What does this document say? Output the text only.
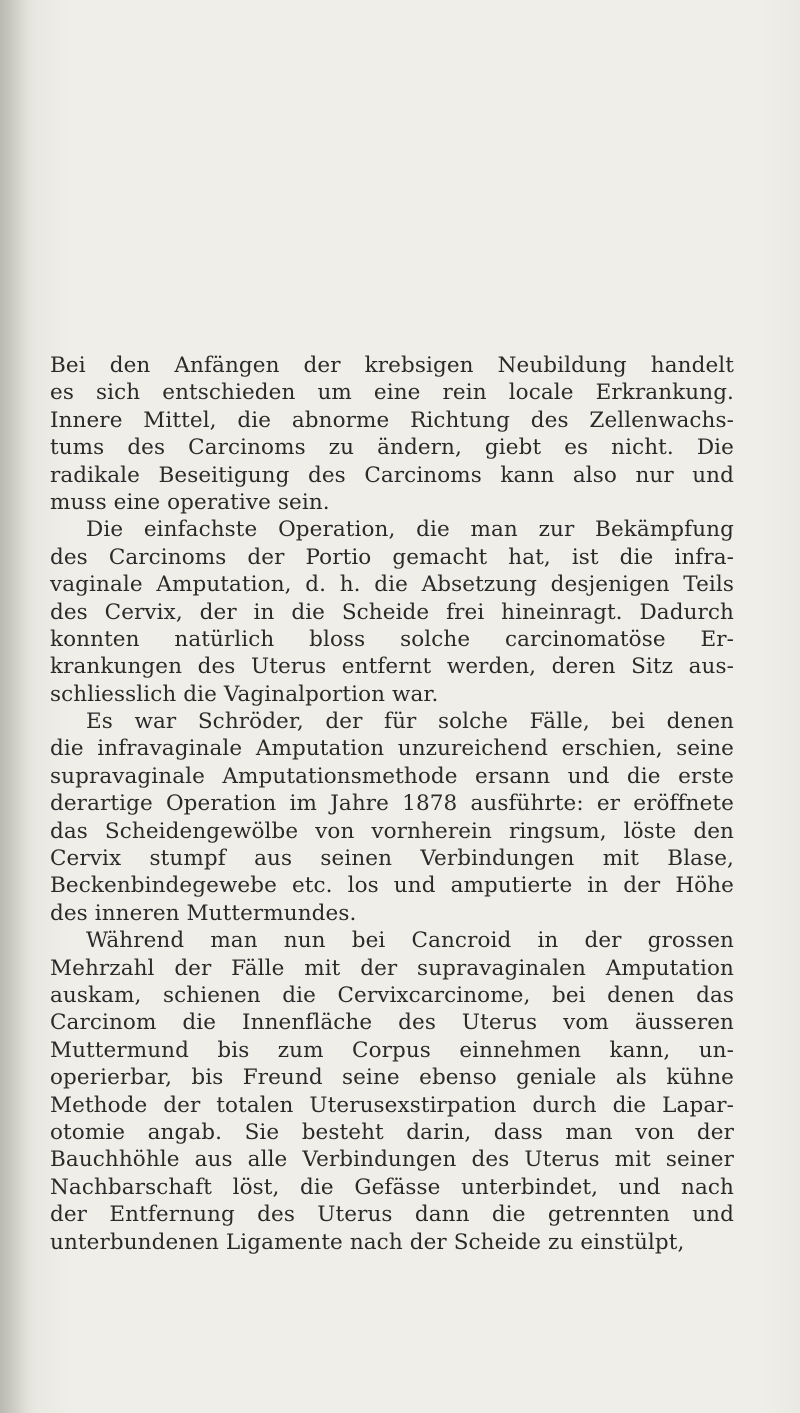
Bei den Anfängen der krebsigen Neubildung handelt
es sich entschieden um eine rein locale Erkrankung.
Innere Mittel, die abnorme Richtung des Zellenwachs-
tums des Carcinoms zu ändern, giebt es nicht. Die
radikale Beseitigung des Carcinoms kann also nur und
muss eine operative sein.
Die einfachste Operation, die man zur Bekämpfung
des Carcinoms der Portio gemacht hat, ist die infra-
vaginale Amputation, d. h. die Absetzung desjenigen Teils
des Cervix, der in die Scheide frei hineinragt. Dadurch
konnten natürlich bloss solche carcinomatöse Er-
krankungen des Uterus entfernt werden, deren Sitz aus-
schliesslich die Vaginalportion war.
Es war Schröder, der für solche Fälle, bei denen
die infravaginale Amputation unzureichend erschien, seine
supravaginale Amputationsmethode ersann und die erste
derartige Operation im Jahre 1878 ausführte: er eröffnete
das Scheidengewölbe von vornherein ringsum, löste den
Cervix stumpf aus seinen Verbindungen mit Blase,
Beckenbindegewebe etc. los und amputierte in der Höhe
des inneren Muttermundes.
Während man nun bei Cancroid in der grossen
Mehrzahl der Fälle mit der supravaginalen Amputation
auskam, schienen die Cervixcarcinome, bei denen das
Carcinom die Innenfläche des Uterus vom äusseren
Muttermund bis zum Corpus einnehmen kann, un-
operierbar, bis Freund seine ebenso geniale als kühne
Methode der totalen Uterusexstirpation durch die Lapar-
otomie angab. Sie besteht darin, dass man von der
Bauchhöhle aus alle Verbindungen des Uterus mit seiner
Nachbarschaft löst, die Gefässe unterbindet, und nach
der Entfernung des Uterus dann die getrennten und
unterbundenen Ligamente nach der Scheide zu einstülpt,
